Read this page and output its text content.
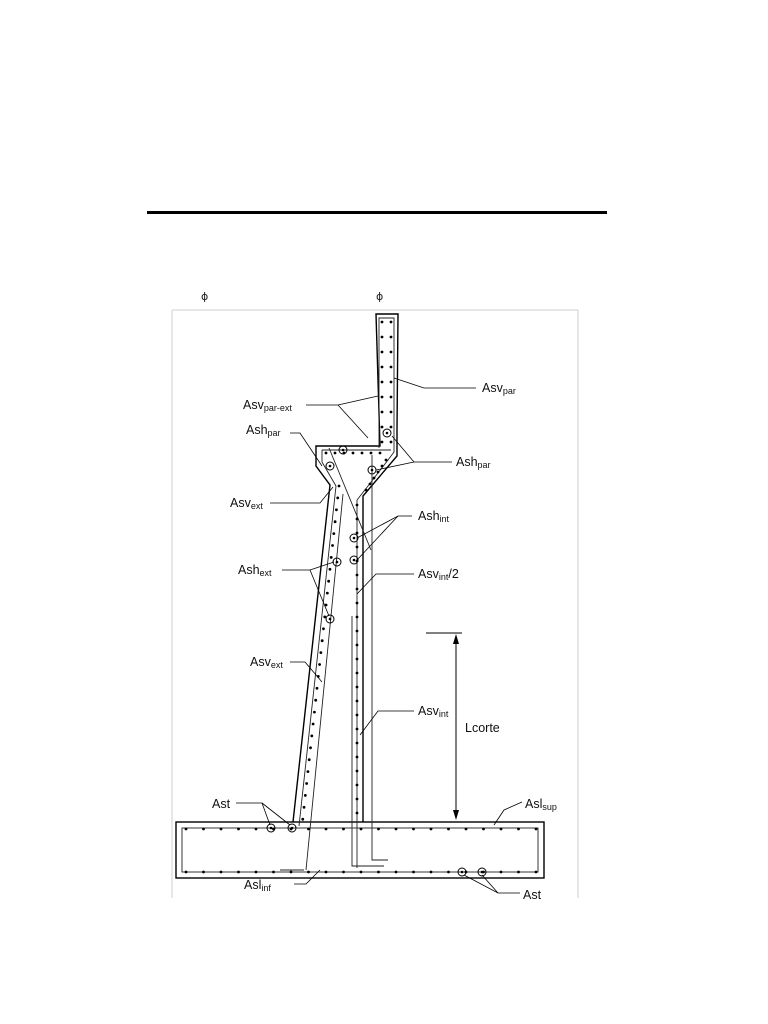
ϕ	ϕ
Asvpar
Asvpar-ext
Ashpar
Ashpar
Asvext
Ashint
Ashext	Asvint/2
Asvext
Asvint
Lcorte
Ast	Aslsup
Aslinf	Ast
